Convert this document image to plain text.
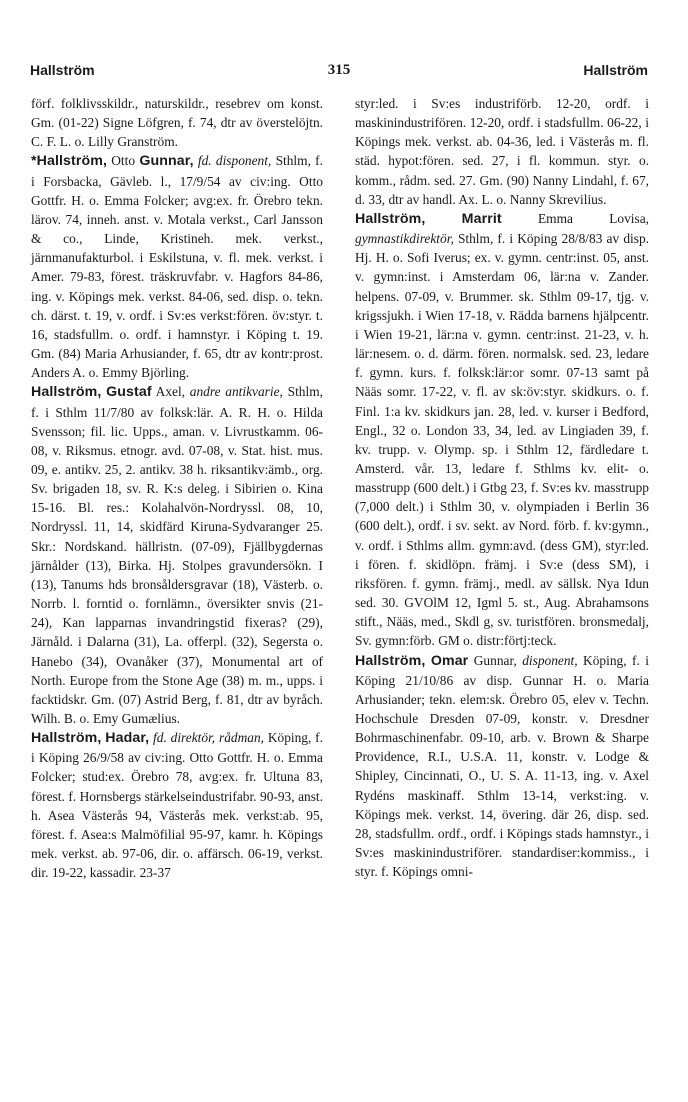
Hallström	315	Hallström

förf. folklivsskildr., naturskildr., resebrev om konst. Gm. (01-22) Signe Löfgren, f. 74, dtr av överstelöjtn. C. F. L. o. Lilly Granström.

*Hallström, Otto Gunnar, fd. disponent, Sthlm, f. i Forsbacka, Gävleb. l., 17/9/54 av civ:ing. Otto Gottfr. H. o. Emma Folcker; avg:ex. fr. Örebro tekn. lärov. 74, inneh. anst. v. Motala verkst., Carl Jansson & co., Linde, Kristineh. mek. verkst., järnmanufakturbol. i Eskilstuna, v. fl. mek. verkst. i Amer. 79-83, förest. träskruvfabr. v. Hagfors 84-86, ing. v. Köpings mek. verkst. 84-06, sed. disp. o. tekn. ch. därst. t. 19, v. ordf. i Sv:es verkst:fören. öv:styr. t. 16, stadsfullm. o. ordf. i hamnstyr. i Köping t. 19. Gm. (84) Maria Arhusiander, f. 65, dtr av kontr:prost. Anders A. o. Emmy Björling.

Hallström, Gustaf Axel, andre antikvarie, Sthlm, f. i Sthlm 11/7/80 av folksk:lär. A. R. H. o. Hilda Svensson; fil. lic. Upps., aman. v. Livrustkamm. 06-08, v. Riksmus. etnogr. avd. 07-08, v. Stat. hist. mus. 09, e. antikv. 25, 2. antikv. 38 h. riksantikv:ämb., org. Sv. brigaden 18, sv. R. K:s deleg. i Sibirien o. Kina 15-16. Bl. res.: Kolahalvön-Nordryssl. 08, 10, Nordryssl. 11, 14, skidfärd Kiruna-Sydvaranger 25. Skr.: Nordskand. hällristn. (07-09), Fjällbygdernas järnålder (13), Birka. Hj. Stolpes gravundersökn. I (13), Tanums hds bronsåldersgravar (18), Västerb. o. Norrb. l. forntid o. fornlämn., översikter snvis (21-24), Kan lapparnas invandringstid fixeras? (29), Järnåld. i Dalarna (31), La. offerpl. (32), Segersta o. Hanebo (34), Ovanåker (37), Monumental art of North. Europe from the Stone Age (38) m. m., upps. i facktidskr. Gm. (07) Astrid Berg, f. 81, dtr av byråch. Wilh. B. o. Emy Gumælius.

Hallström, Hadar, fd. direktör, rådman, Köping, f. i Köping 26/9/58 av civ:ing. Otto Gottfr. H. o. Emma Folcker; stud:ex. Örebro 78, avg:ex. fr. Ultuna 83, förest. f. Hornsbergs stärkelseindustrifabr. 90-93, anst. h. Asea Västerås 94, Västerås mek. verkst:ab. 95, förest. f. Asea:s Malmöfilial 95-97, kamr. h. Köpings mek. verkst. ab. 97-06, dir. o. affärsch. 06-19, verkst. dir. 19-22, kassadir. 23-37

styr:led. i Sv:es industriförb. 12-20, ordf. i maskinindustrifören. 12-20, ordf. i stadsfullm. 06-22, i Köpings mek. verkst. ab. 04-36, led. i Västerås m. fl. städ. hypot:fören. sed. 27, i fl. kommun. styr. o. komm., rådm. sed. 27. Gm. (90) Nanny Lindahl, f. 67, d. 33, dtr av handl. Ax. L. o. Nanny Skrevilius.

Hallström,	Marrit Emma Lovisa, gymnastikdirektör, Sthlm, f. i Köping 28/8/83 av disp. Hj. H. o. Sofi Iverus; ex. v. gymn. centr:inst. 05, anst. v. gymn:inst. i Amsterdam 06, lär:na v. Zander. helpens. 07-09, v. Brummer. sk. Sthlm 09-17, tjg. v. krigssjukh. i Wien 17-18, v. Rädda barnens hjälpcentr. i Wien 19-21, lär:na v. gymn. centr:inst. 21-23, v. h. lär:nesem. o. d. därm. fören. normalsk. sed. 23, ledare f. gymn. kurs. f. folksk:lär:or somr. 07-13 samt på Nääs somr. 17-22, v. fl. av sk:öv:styr. skidkurs. o. f. Finl. 1:a kv. skidkurs jan. 28, led. v. kurser i Bedford, Engl., 32 o. London 33, 34, led. av Lingiaden 39, f. kv. trupp. v. Olymp. sp. i Sthlm 12, färdledare t. Amsterd. vår. 13, ledare f. Sthlms kv. elit- o. masstrupp (600 delt.) i Gtbg 23, f. Sv:es kv. masstrupp (7,000 delt.) i Sthlm 30, v. olympiaden i Berlin 36 (600 delt.), ordf. i sv. sekt. av Nord. förb. f. kv:gymn., v. ordf. i Sthlms allm. gymn:avd. (dess GM), styr:led. i fören. f. skidlöpn. främj. i Sv:e (dess SM), i riksfören. f. gymn. främj., medl. av sällsk. Nya Idun sed. 30. GVOlM 12, Igml 5. st., Aug. Abrahamsons stift., Nääs, med., Skdl g, sv. turistfören. bronsmedalj, Sv. gymn:förb. GM o. distr:förtj:teck.

Hallström, Omar Gunnar, disponent, Köping, f. i Köping 21/10/86 av disp. Gunnar H. o. Maria Arhusiander; tekn. elem:sk. Örebro 05, elev v. Techn. Hochschule Dresden 07-09, konstr. v. Dresdner Bohrmaschinenfabr. 09-10, arb. v. Brown & Sharpe Providence, R.I., U.S.A. 11, konstr. v. Lodge & Shipley, Cincinnati, O., U. S. A. 11-13, ing. v. Axel Rydéns maskinaff. Sthlm 13-14, verkst:ing. v. Köpings mek. verkst. 14, övering. där 26, disp. sed. 28, stadsfullm. ordf., ordf. i Köpings stads hamnstyr., i Sv:es maskinindustriförer. standardiser:kommiss., i styr. f. Köpings omni-
